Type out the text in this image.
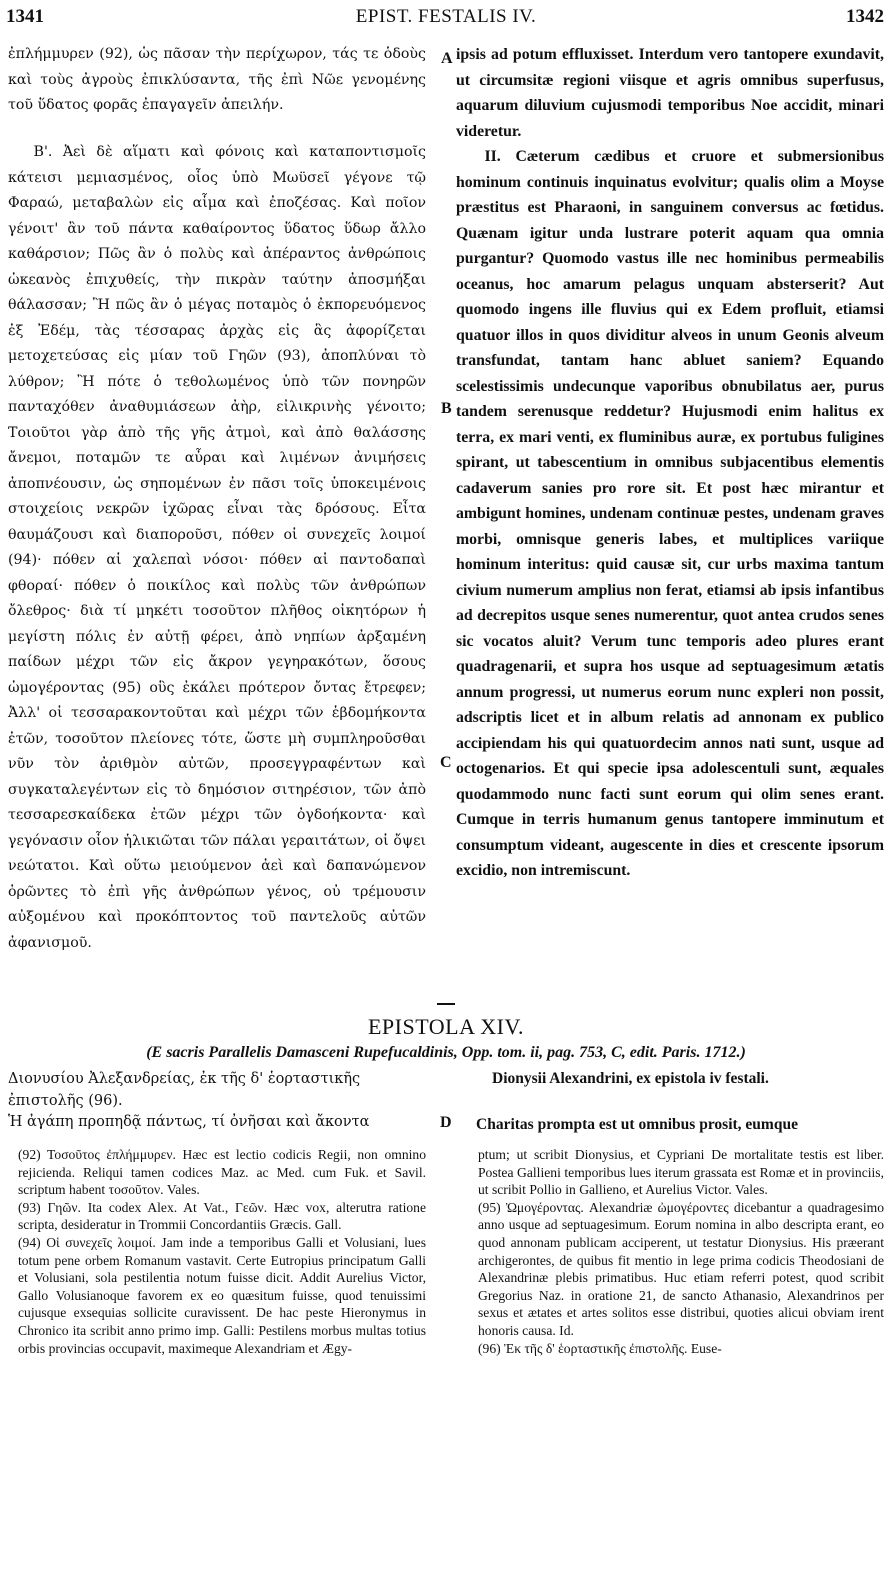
1341	EPIST. FESTALIS IV.	1342

ἐπλήμμυρεν (92), ὡς πᾶσαν τὴν περίχωρον, τάς τε ὁδοὺς καὶ τοὺς ἀγροὺς ἐπικλύσαντα, τῆς ἐπὶ Νῶε γενομένης τοῦ ὕδατος φορᾶς ἐπαγαγεῖν ἀπειλήν.

Β'. Ἀεὶ δὲ αἵματι καὶ φόνοις καὶ καταποντισμοῖς κάτεισι μεμιασμένος, οἷος ὑπὸ Μωϋσεῖ γέγονε τῷ Φαραώ, μεταβαλὼν εἰς αἷμα καὶ ἐποζέσας. Καὶ ποῖον γένοιτ' ἂν τοῦ πάντα καθαίροντος ὕδατος ὕδωρ ἄλλο καθάρσιον; Πῶς ἂν ὁ πολὺς καὶ ἀπέραντος ἀνθρώποις ὠκεανὸς ἐπιχυθείς, τὴν πικρὰν ταύτην ἀποσμήξαι θάλασσαν; Ἢ πῶς ἂν ὁ μέγας ποταμὸς ὁ ἐκπορευόμενος ἐξ Ἐδέμ, τὰς τέσσαρας ἀρχὰς εἰς ἃς ἀφορίζεται μετοχετεύσας εἰς μίαν τοῦ Γηῶν (93), ἀποπλύναι τὸ λύθρον; Ἢ πότε ὁ τεθολωμένος ὑπὸ τῶν πονηρῶν πανταχόθεν ἀναθυμιάσεων ἀὴρ, εἰλικρινὴς γένοιτο; Τοιοῦτοι γὰρ ἀπὸ τῆς γῆς ἀτμοὶ, καὶ ἀπὸ θαλάσσης ἄνεμοι, ποταμῶν τε αὖραι καὶ λιμένων ἀνιμήσεις ἀποπνέουσιν, ὡς σηπομένων ἐν πᾶσι τοῖς ὑποκειμένοις στοιχείοις νεκρῶν ἰχῶρας εἶναι τὰς δρόσους. Εἶτα θαυμάζουσι καὶ διαποροῦσι, πόθεν οἱ συνεχεῖς λοιμοί (94)· πόθεν αἱ χαλεπαὶ νόσοι· πόθεν αἱ παντοδαπαὶ φθοραί· πόθεν ὁ ποικίλος καὶ πολὺς τῶν ἀνθρώπων ὄλεθρος· διὰ τί μηκέτι τοσοῦτον πλῆθος οἰκητόρων ἡ μεγίστη πόλις ἐν αὐτῇ φέρει, ἀπὸ νηπίων ἀρξαμένη παίδων μέχρι τῶν εἰς ἄκρον γεγηρακότων, ὅσους ὠμογέροντας (95) οὓς ἐκάλει πρότερον ὄντας ἔτρεφεν; Ἀλλ' οἱ τεσσαρακοντοῦται καὶ μέχρι τῶν ἑβδομήκοντα ἐτῶν, τοσοῦτον πλείονες τότε, ὥστε μὴ συμπληροῦσθαι νῦν τὸν ἀριθμὸν αὐτῶν, προσεγγραφέντων καὶ συγκαταλεγέντων εἰς τὸ δημόσιον σιτηρέσιον, τῶν ἀπὸ τεσσαρεσκαίδεκα ἐτῶν μέχρι τῶν ὀγδοήκοντα· καὶ γεγόνασιν οἷον ἡλικιῶται τῶν πάλαι γεραιτάτων, οἱ ὄψει νεώτατοι. Καὶ οὕτω μειούμενον ἀεὶ καὶ δαπανώμενον ὁρῶντες τὸ ἐπὶ γῆς ἀνθρώπων γένος, οὐ τρέμουσιν αὐξομένου καὶ προκόπτοντος τοῦ παντελοῦς αὐτῶν ἀφανισμοῦ.

ipsis ad potum effluxisset. Interdum vero tantopere exundavit, ut circumsitæ regioni viisque et agris omnibus superfusus, aquarum diluvium cujusmodi temporibus Noe accidit, minari videretur.

II. Cæterum cædibus et cruore et submersionibus hominum continuis inquinatus evolvitur; qualis olim a Moyse præstitus est Pharaoni, in sanguinem conversus ac fœtidus. Quænam igitur unda lustrare poterit aquam qua omnia purgantur? Quomodo vastus ille nec hominibus permeabilis oceanus, hoc amarum pelagus unquam absterserit? Aut quomodo ingens ille fluvius qui ex Edem profluit, etiamsi quatuor illos in quos dividitur alveos in unum Geonis alveum transfundat, tantam hanc abluet saniem? Equando scelestissimis undecunque vaporibus obnubilatus aer, purus tandem serenusque reddetur? Hujusmodi enim halitus ex terra, ex mari venti, ex fluminibus auræ, ex portubus fuligines spirant, ut tabescentium in omnibus subjacentibus elementis cadaverum sanies pro rore sit. Et post hæc mirantur et ambigunt homines, undenam continuæ pestes, undenam graves morbi, omnisque generis labes, et multiplices variique hominum interitus: quid causæ sit, cur urbs maxima tantum civium numerum amplius non ferat, etiamsi ab ipsis infantibus ad decrepitos usque senes numerentur, quot antea crudos senes sic vocatos aluit? Verum tunc temporis adeo plures erant quadragenarii, et supra hos usque ad septuagesimum ætatis annum progressi, ut numerus eorum nunc expleri non possit, adscriptis licet et in album relatis ad annonam ex publico accipiendam his qui quatuordecim annos nati sunt, usque ad octogenarios. Et qui specie ipsa adolescentuli sunt, æquales quodammodo nunc facti sunt eorum qui olim senes erant. Cumque in terris humanum genus tantopere imminutum et consumptum videant, augescente in dies et crescente ipsorum excidio, non intremiscunt.

A
B
C
D
EPISTOLA XIV.
(E sacris Parallelis Damasceni Rupefucaldinis, Opp. tom. ii, pag. 753, C, edit. Paris. 1712.)
Διονυσίου Ἀλεξανδρείας, ἐκ τῆς δ' ἑορταστικῆς ἐπιστολῆς (96).
Dionysii Alexandrini, ex epistola iv festali.
Ἡ ἀγάπη προπηδᾷ πάντως, τί ὀνῆσαι καὶ ἄκοντα	Charitas prompta est ut omnibus prosit, eumque

(92) Τοσοῦτος ἐπλήμμυρεν. Hæc est lectio codicis Regii, non omnino rejicienda. Reliqui tamen codices Maz. ac Med. cum Fuk. et Savil. scriptum habent τοσοῦτον. Vales.

(93) Γηῶν. Ita codex Alex. At Vat., Γεῶν. Hæc vox, alterutra ratione scripta, desideratur in Trommii Concordantiis Græcis. Gall.

(94) Οἱ συνεχεῖς λοιμοί. Jam inde a temporibus Galli et Volusiani, lues totum pene orbem Romanum vastavit. Certe Eutropius principatum Galli et Volusiani, sola pestilentia notum fuisse dicit. Addit Aurelius Victor, Gallo Volusianoque favorem ex eo quæsitum fuisse, quod tenuissimi cujusque exsequias sollicite curavissent. De hac peste Hieronymus in Chronico ita scribit anno primo imp. Galli: Pestilens morbus multas totius orbis provincias occupavit, maximeque Alexandriam et Ægy-

ptum; ut scribit Dionysius, et Cypriani De mortalitate testis est liber. Postea Gallieni temporibus lues iterum grassata est Romæ et in provinciis, ut scribit Pollio in Gallieno, et Aurelius Victor. Vales.

(95) Ὠμογέροντας. Alexandriæ ὠμογέροντες dicebantur a quadragesimo anno usque ad septuagesimum. Eorum nomina in albo descripta erant, eo quod annonam publicam acciperent, ut testatur Dionysius. His præerant archigerontes, de quibus fit mentio in lege prima codicis Theodosiani de Alexandrinæ plebis primatibus. Huc etiam referri potest, quod scribit Gregorius Naz. in oratione 21, de sancto Athanasio, Alexandrinos per sexus et ætates et artes solitos esse distribui, quoties alicui obviam irent honoris causa. Id.

(96) Ἐκ τῆς δ' ἑορταστικῆς ἐπιστολῆς. Euse-
